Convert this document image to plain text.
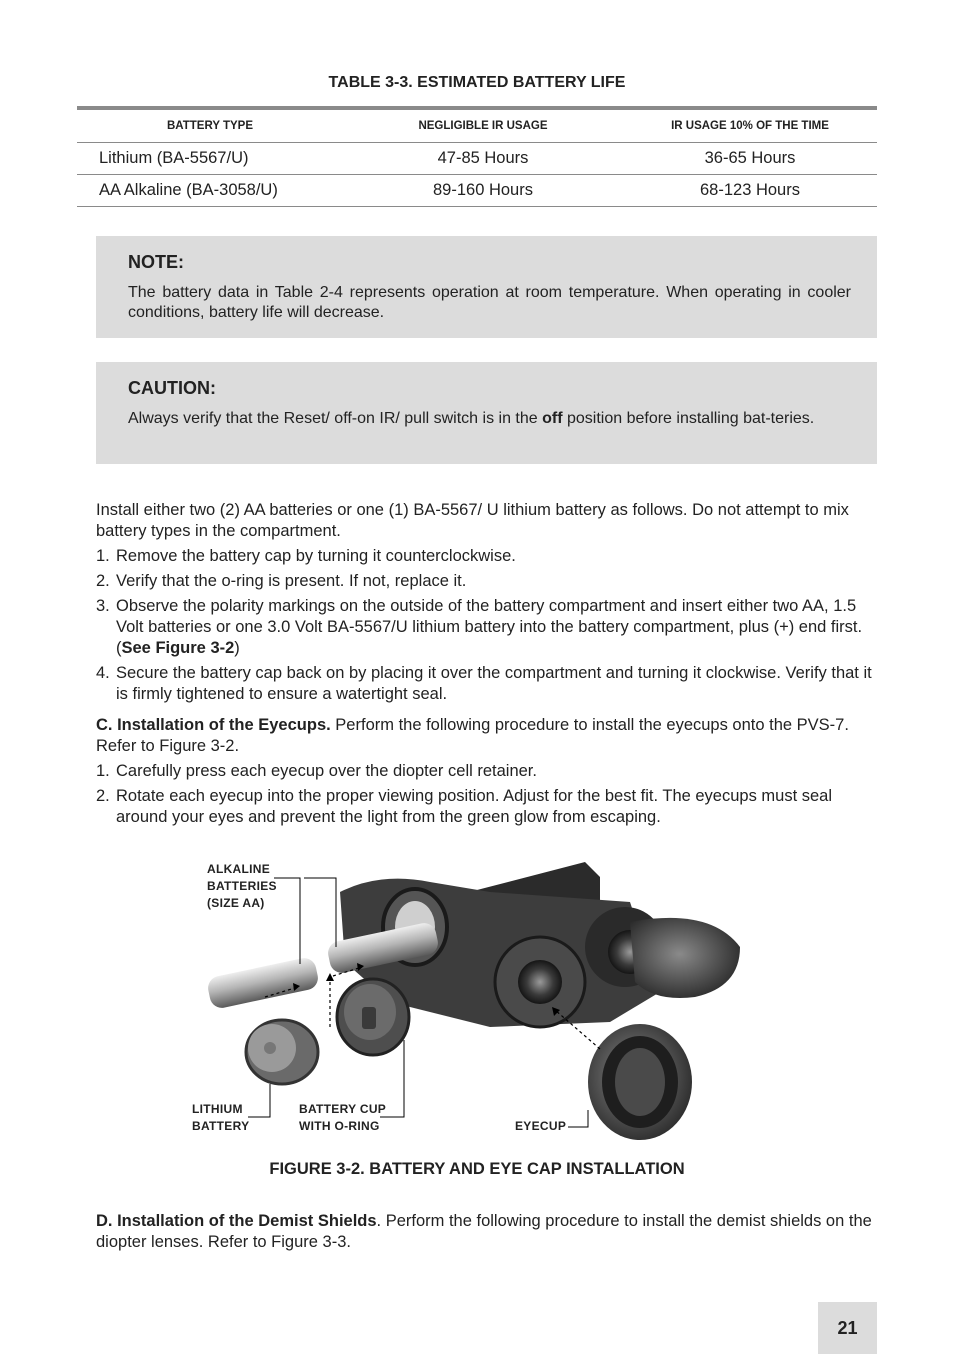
TABLE 3-3. ESTIMATED BATTERY LIFE
BATTERY TYPE	NEGLIGIBLE IR USAGE	IR USAGE 10% OF THE TIME
Lithium (BA-5567/U)	47-85 Hours	36-65 Hours
AA Alkaline (BA-3058/U)	89-160 Hours	68-123 Hours
NOTE:
The battery data in Table 2-4 represents operation at room temperature. When operating in cooler conditions, battery life will decrease.
CAUTION:
Always verify that the Reset/ off-on IR/ pull switch is in the off position before installing bat-teries.
Install either two (2) AA batteries or one (1) BA-5567/ U lithium battery as follows. Do not attempt to mix battery types in the compartment.
1. Remove the battery cap by turning it counterclockwise.
2. Verify that the o-ring is present. If not, replace it.
3. Observe the polarity markings on the outside of the battery compartment and insert either two AA, 1.5 Volt batteries or one 3.0 Volt BA-5567/U lithium battery into the battery compartment, plus (+) end first. (See Figure 3-2)
4. Secure the battery cap back on by placing it over the compartment and turning it clockwise. Verify that it is firmly tightened to ensure a watertight seal.
C. Installation of the Eyecups. Perform the following procedure to install the eyecups onto the PVS-7. Refer to Figure 3-2.
1. Carefully press each eyecup over the diopter cell retainer.
2. Rotate each eyecup into the proper viewing position. Adjust for the best fit. The eyecups must seal around your eyes and prevent the light from the green glow from escaping.
ALKALINE
BATTERIES
(SIZE AA)
LITHIUM
BATTERY
BATTERY CUP
WITH O-RING	EYECUP
FIGURE 3-2. BATTERY AND EYE CAP INSTALLATION
D. Installation of the Demist Shields. Perform the following procedure to install the demist shields on the diopter lenses. Refer to Figure 3-3.
21
